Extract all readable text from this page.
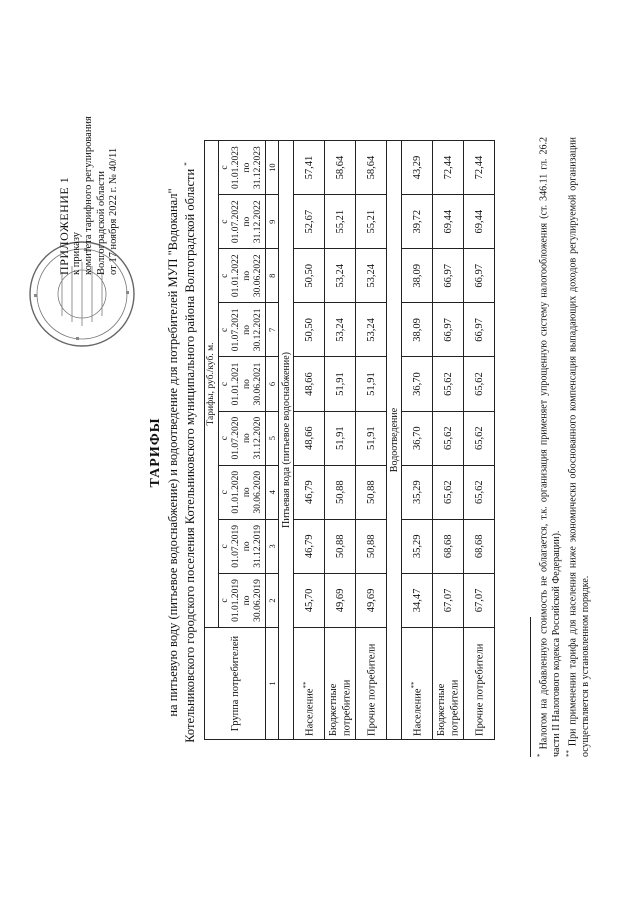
ПРИЛОЖЕНИЕ 1 к приказу комитета тарифного регулирования Волгоградской области от 17 ноября 2022 г. № 40/11
ТАРИФЫ на питьевую воду (питьевое водоснабжение) и водоотведение для потребителей МУП "Водоканал" Котельниковского городского поселения Котельниковского муниципального района Волгоградской области *
Группа потребителей	Тарифы, руб./куб. м.								
	с 01.01.2019 по 30.06.2019	с 01.07.2019 по 31.12.2019	с 01.01.2020 по 30.06.2020	с 01.07.2020 по 31.12.2020	с 01.01.2021 по 30.06.2021	с 01.07.2021 по 30.12.2021	с 01.01.2022 по 30.06.2022	с 01.07.2022 по 31.12.2022	с 01.01.2023 по 31.12.2023
1	2	3	4	5	6	7	8	9	10
Питьевая вода (питьевое водоснабжение)									
Население**	45,70	46,79	46,79	48,66	48,66	50,50	50,50	52,67	57,41
Бюджетные потребители	49,69	50,88	50,88	51,91	51,91	53,24	53,24	55,21	58,64
Прочие потребители	49,69	50,88	50,88	51,91	51,91	53,24	53,24	55,21	58,64
Водоотведение									
Население**	34,47	35,29	35,29	36,70	36,70	38,09	38,09	39,72	43,29
Бюджетные потребители	67,07	68,68	65,62	65,62	65,62	66,97	66,97	69,44	72,44
Прочие потребители	67,07	68,68	65,62	65,62	65,62	66,97	66,97	69,44	72,44

* Налогом на добавленную стоимость не облагается, т.к. организация применяет упрощенную систему налогообложения (ст. 346.11 гл. 26.2 части II Налогового кодекса Российской Федерации). ** При применении тарифа для населения ниже экономически обоснованного компенсация выпадающих доходов регулируемой организации осуществляется в установленном порядке.
